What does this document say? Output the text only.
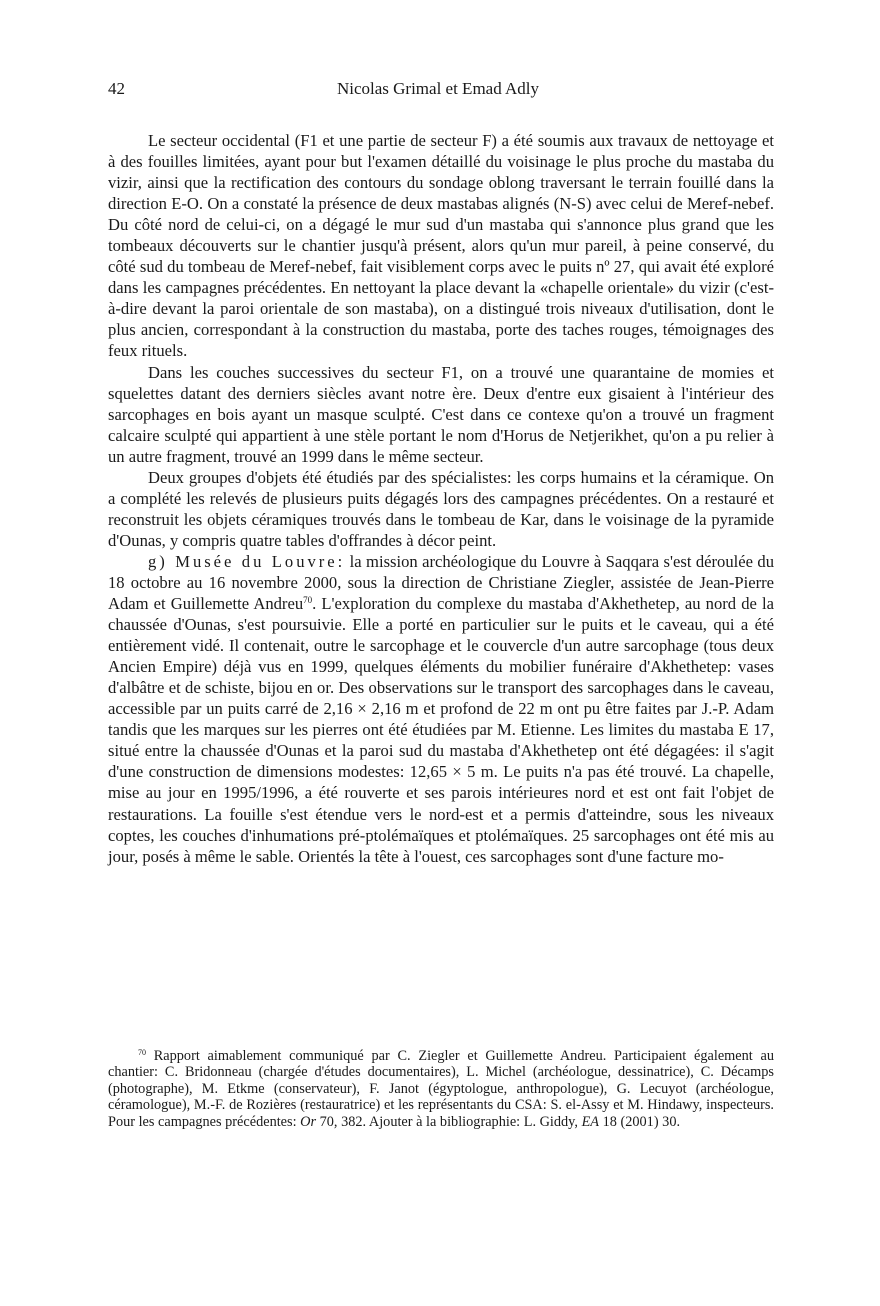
42	Nicolas Grimal et Emad Adly

Le secteur occidental (F1 et une partie de secteur F) a été soumis aux travaux de nettoyage et à des fouilles limitées, ayant pour but l'examen détaillé du voisinage le plus proche du mastaba du vizir, ainsi que la rectification des contours du sondage oblong traversant le terrain fouillé dans la direction E-O. On a constaté la présence de deux mastabas alignés (N-S) avec celui de Meref-nebef. Du côté nord de celui-ci, on a dégagé le mur sud d'un mastaba qui s'annonce plus grand que les tombeaux découverts sur le chantier jusqu'à présent, alors qu'un mur pareil, à peine conservé, du côté sud du tombeau de Meref-nebef, fait visiblement corps avec le puits nº 27, qui avait été exploré dans les campagnes précédentes. En nettoyant la place devant la «chapelle orientale» du vizir (c'est-à-dire devant la paroi orientale de son mastaba), on a distingué trois niveaux d'utilisation, dont le plus ancien, correspondant à la construction du mastaba, porte des taches rouges, témoignages des feux rituels.

Dans les couches successives du secteur F1, on a trouvé une quarantaine de momies et squelettes datant des derniers siècles avant notre ère. Deux d'entre eux gisaient à l'intérieur des sarcophages en bois ayant un masque sculpté. C'est dans ce contexe qu'on a trouvé un fragment calcaire sculpté qui appartient à une stèle portant le nom d'Horus de Netjerikhet, qu'on a pu relier à un autre fragment, trouvé an 1999 dans le même secteur.

Deux groupes d'objets été étudiés par des spécialistes: les corps humains et la céramique. On a complété les relevés de plusieurs puits dégagés lors des campagnes précédentes. On a restauré et reconstruit les objets céramiques trouvés dans le tombeau de Kar, dans le voisinage de la pyramide d'Ounas, y compris quatre tables d'offrandes à décor peint.

g) Musée du Louvre: la mission archéologique du Louvre à Saqqara s'est déroulée du 18 octobre au 16 novembre 2000, sous la direction de Christiane Ziegler, assistée de Jean-Pierre Adam et Guillemette Andreu$^{70}$. L'exploration du complexe du mastaba d'Akhethetep, au nord de la chaussée d'Ounas, s'est poursuivie. Elle a porté en particulier sur le puits et le caveau, qui a été entièrement vidé. Il contenait, outre le sarcophage et le couvercle d'un autre sarcophage (tous deux Ancien Empire) déjà vus en 1999, quelques éléments du mobilier funéraire d'Akhethetep: vases d'albâtre et de schiste, bijou en or. Des observations sur le transport des sarcophages dans le caveau, accessible par un puits carré de 2,16 × 2,16 m et profond de 22 m ont pu être faites par J.-P. Adam tandis que les marques sur les pierres ont été étudiées par M. Etienne. Les limites du mastaba E 17, situé entre la chaussée d'Ounas et la paroi sud du mastaba d'Akhethetep ont été dégagées: il s'agit d'une construction de dimensions modestes: 12,65 × 5 m. Le puits n'a pas été trouvé. La chapelle, mise au jour en 1995/1996, a été rouverte et ses parois intérieures nord et est ont fait l'objet de restaurations. La fouille s'est étendue vers le nord-est et a permis d'atteindre, sous les niveaux coptes, les couches d'inhumations pré-ptolémaïques et ptolémaïques. 25 sarcophages ont été mis au jour, posés à même le sable. Orientés la tête à l'ouest, ces sarcophages sont d'une facture mo-

$^{70}$ Rapport aimablement communiqué par C. Ziegler et Guillemette Andreu. Participaient également au chantier: C. Bridonneau (chargée d'études documentaires), L. Michel (archéologue, dessinatrice), C. Décamps (photographe), M. Etkme (conservateur), F. Janot (égyptologue, anthropologue), G. Lecuyot (archéologue, céramologue), M.-F. de Rozières (restauratrice) et les représentants du CSA: S. el-Assy et M. Hindawy, inspecteurs. Pour les campagnes précédentes: Or 70, 382. Ajouter à la bibliographie: L. Giddy, EA 18 (2001) 30.
